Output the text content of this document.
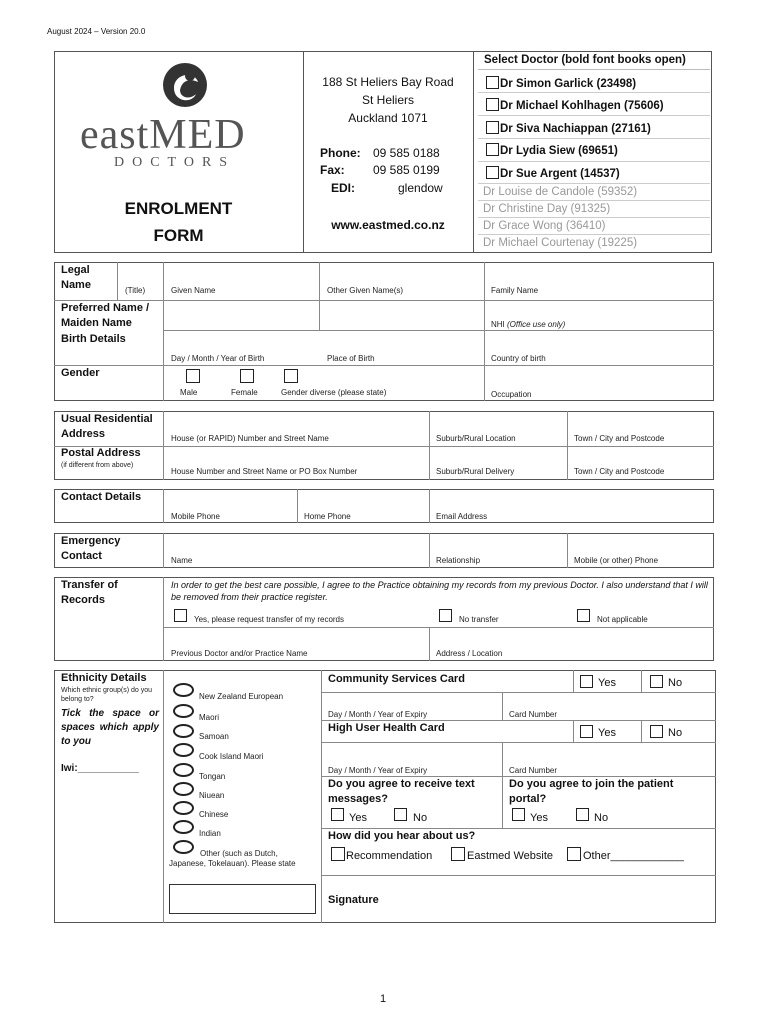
August 2024 – Version 20.0
eastMED
DOCTORS
ENROLMENT
FORM
188 St Heliers Bay Road
St Heliers
Auckland 1071
Phone: 09 585 0188
Fax: 09 585 0199
EDI:	glendow
www.eastmed.co.nz
Select Doctor (bold font books open)
Dr Simon Garlick (23498)
Dr Michael Kohlhagen (75606)
Dr Siva Nachiappan (27161)
Dr Lydia Siew (69651)
Dr Sue Argent (14537)
Dr Louise de Candole (59352)
Dr Christine Day (91325)
Dr Grace Wong (36410)
Dr Michael Courtenay (19225)
Legal Name	(Title)	Given Name	Other Given Name(s)	Family Name
Preferred Name / Maiden Name	NHI (Office use only)
Birth Details
Day / Month / Year of Birth	Place of Birth	Country of birth
Gender
Male	Female	Gender diverse (please state)	Occupation
Usual Residential Address	House (or RAPID) Number and Street Name	Suburb/Rural Location	Town / City and Postcode
Postal Address
(if different from above)
House Number and Street Name or PO Box Number	Suburb/Rural Delivery	Town / City and Postcode
Contact Details
Mobile Phone	Home Phone	Email Address
Emergency Contact	Name	Relationship	Mobile (or other) Phone
Transfer of Records
In order to get the best care possible, I agree to the Practice obtaining my records from my previous Doctor. I also understand that I will be removed from their practice register.
Yes, please request transfer of my records	No transfer	Not applicable
Previous Doctor and/or Practice Name	Address / Location
Ethnicity Details
Which ethnic group(s) do you belong to?
Tick the space or spaces which apply to you
Iwi:___________
New Zealand European
Maori
Samoan
Cook Island Maori
Tongan
Niuean
Chinese
Indian
Other (such as Dutch, Japanese, Tokelauan). Please state
Community Services Card	Yes	No
Day / Month / Year of Expiry	Card Number
High User Health Card	Yes	No
Day / Month / Year of Expiry	Card Number
Do you agree to receive text messages?
Yes	No
Do you agree to join the patient portal?
Yes	No
How did you hear about us?
Recommendation	Eastmed Website	Other____________
Signature
1
